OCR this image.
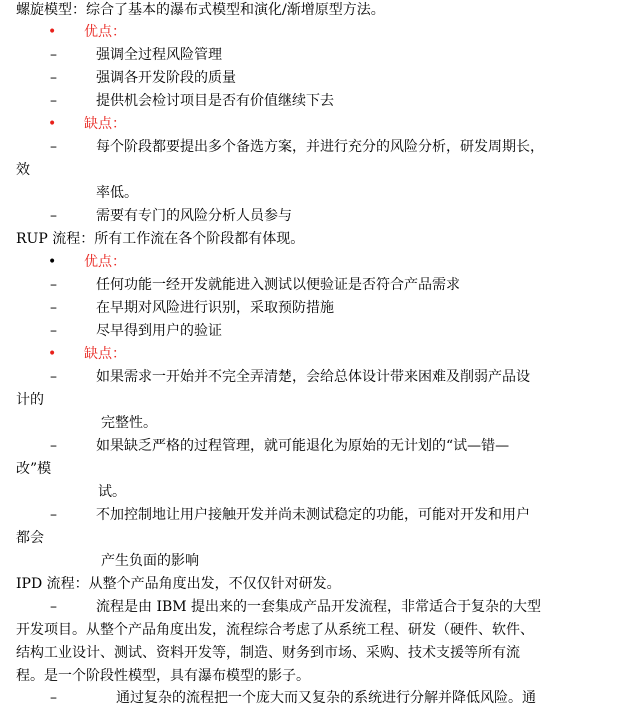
螺旋模型：综合了基本的瀑布式模型和演化/渐增原型方法。
• 优点：
–	强调全过程风险管理
–	强调各开发阶段的质量
–	提供机会检讨项目是否有价值继续下去
• 缺点：
–	每个阶段都要提出多个备选方案，并进行充分的风险分析，研发周期长，
效
率低。
–	需要有专门的风险分析人员参与
RUP 流程：所有工作流在各个阶段都有体现。
• 优点：
–	任何功能一经开发就能进入测试以便验证是否符合产品需求
–	在早期对风险进行识别，采取预防措施
–	尽早得到用户的验证
• 缺点：
–	如果需求一开始并不完全弄清楚，会给总体设计带来困难及削弱产品设
计的
完整性。
–	如果缺乏严格的过程管理，就可能退化为原始的无计划的“试—错—
改”模
试。
–	不加控制地让用户接触开发并尚未测试稳定的功能，可能对开发和用户
都会
产生负面的影响
IPD 流程：从整个产品角度出发，不仅仅针对研发。
–	流程是由 IBM 提出来的一套集成产品开发流程，非常适合于复杂的大型
开发项目。从整个产品角度出发，流程综合考虑了从系统工程、研发（硬件、软件、
结构工业设计、测试、资料开发等，制造、财务到市场、采购、技术支援等所有流
程。是一个阶段性模型，具有瀑布模型的影子。
–	通过复杂的流程把一个庞大而又复杂的系统进行分解并降低风险。通
